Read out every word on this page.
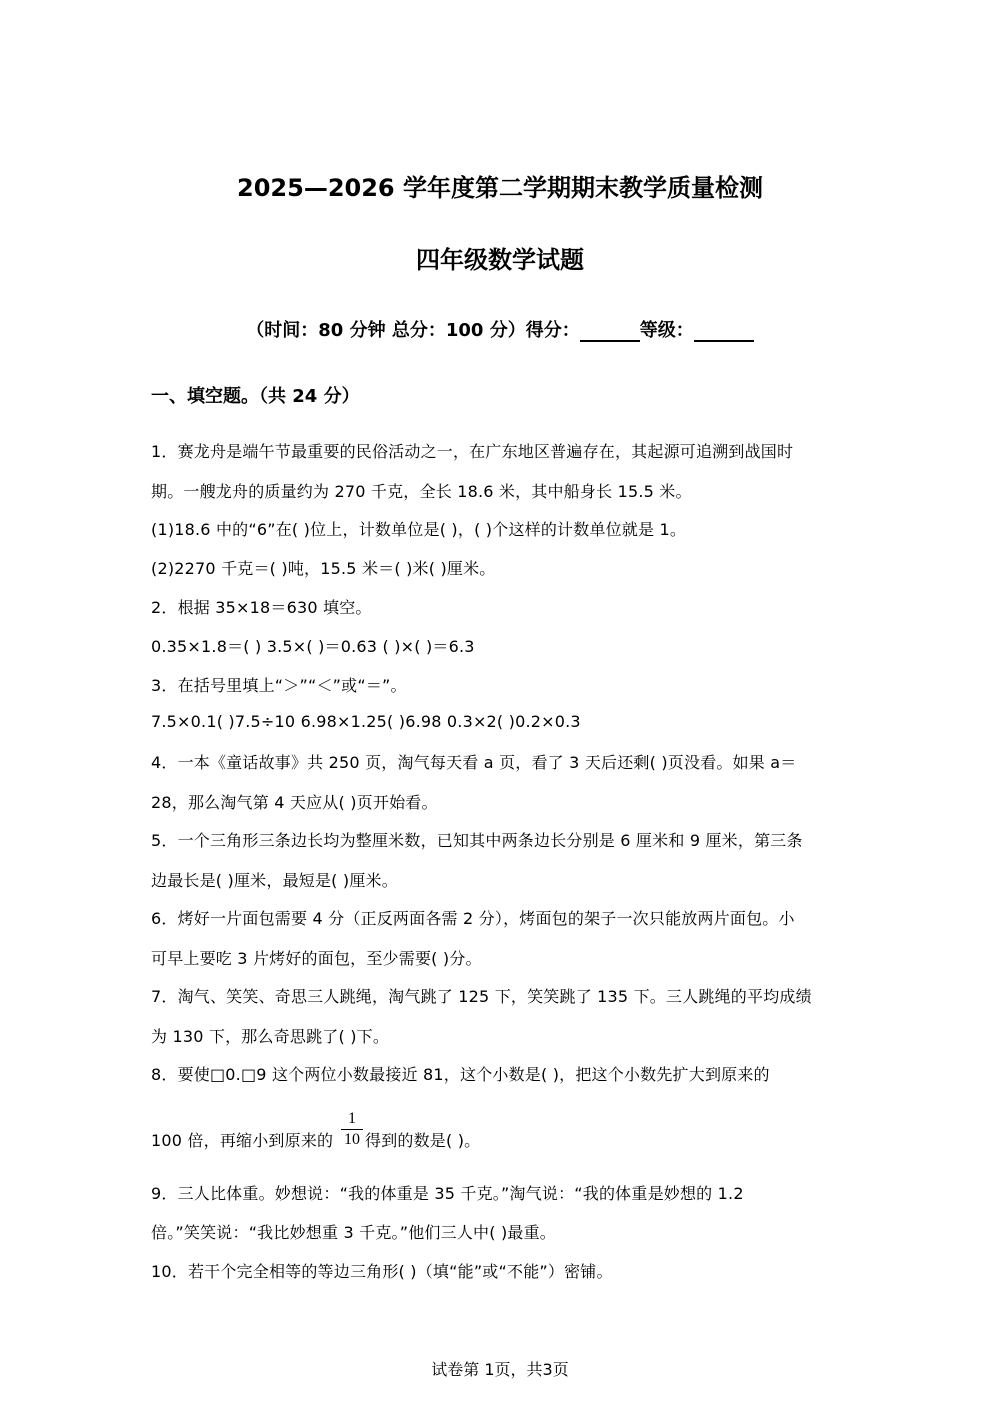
2025—2026 学年度第二学期期末教学质量检测
四年级数学试题
（时间：80 分钟 总分：100 分）得分：	等级：
一、填空题。（共 24 分）
1．赛龙舟是端午节最重要的民俗活动之一，在广东地区普遍存在，其起源可追溯到战国时
期。一艘龙舟的质量约为 270 千克，全长 18.6 米，其中船身长 15.5 米。
(1)18.6 中的“6”在( )位上，计数单位是( )，( )个这样的计数单位就是 1。
(2)2270 千克＝( )吨，15.5 米＝( )米( )厘米。
2．根据 35×18＝630 填空。
0.35×1.8＝( ) 3.5×( )＝0.63 ( )×( )＝6.3
3．在括号里填上“＞”“＜”或“＝”。
7.5×0.1( )7.5÷10 6.98×1.25( )6.98 0.3×2( )0.2×0.3
4．一本《童话故事》共 250 页，淘气每天看 a 页，看了 3 天后还剩( )页没看。如果 a＝
28，那么淘气第 4 天应从( )页开始看。
5．一个三角形三条边长均为整厘米数，已知其中两条边长分别是 6 厘米和 9 厘米，第三条
边最长是( )厘米，最短是( )厘米。
6．烤好一片面包需要 4 分（正反两面各需 2 分），烤面包的架子一次只能放两片面包。小
可早上要吃 3 片烤好的面包，至少需要( )分。
7．淘气、笑笑、奇思三人跳绳，淘气跳了 125 下，笑笑跳了 135 下。三人跳绳的平均成绩
为 130 下，那么奇思跳了( )下。
8．要使□0.□9 这个两位小数最接近 81，这个小数是( )，把这个小数先扩大到原来的
100 倍，再缩小到原来的
1
10 得到的数是( )。
9．三人比体重。妙想说：“我的体重是 35 千克。”淘气说：“我的体重是妙想的 1.2
倍。”笑笑说：“我比妙想重 3 千克。”他们三人中( )最重。
10．若干个完全相等的等边三角形( )（填“能”或“不能”）密铺。
试卷第 1页，共3页
